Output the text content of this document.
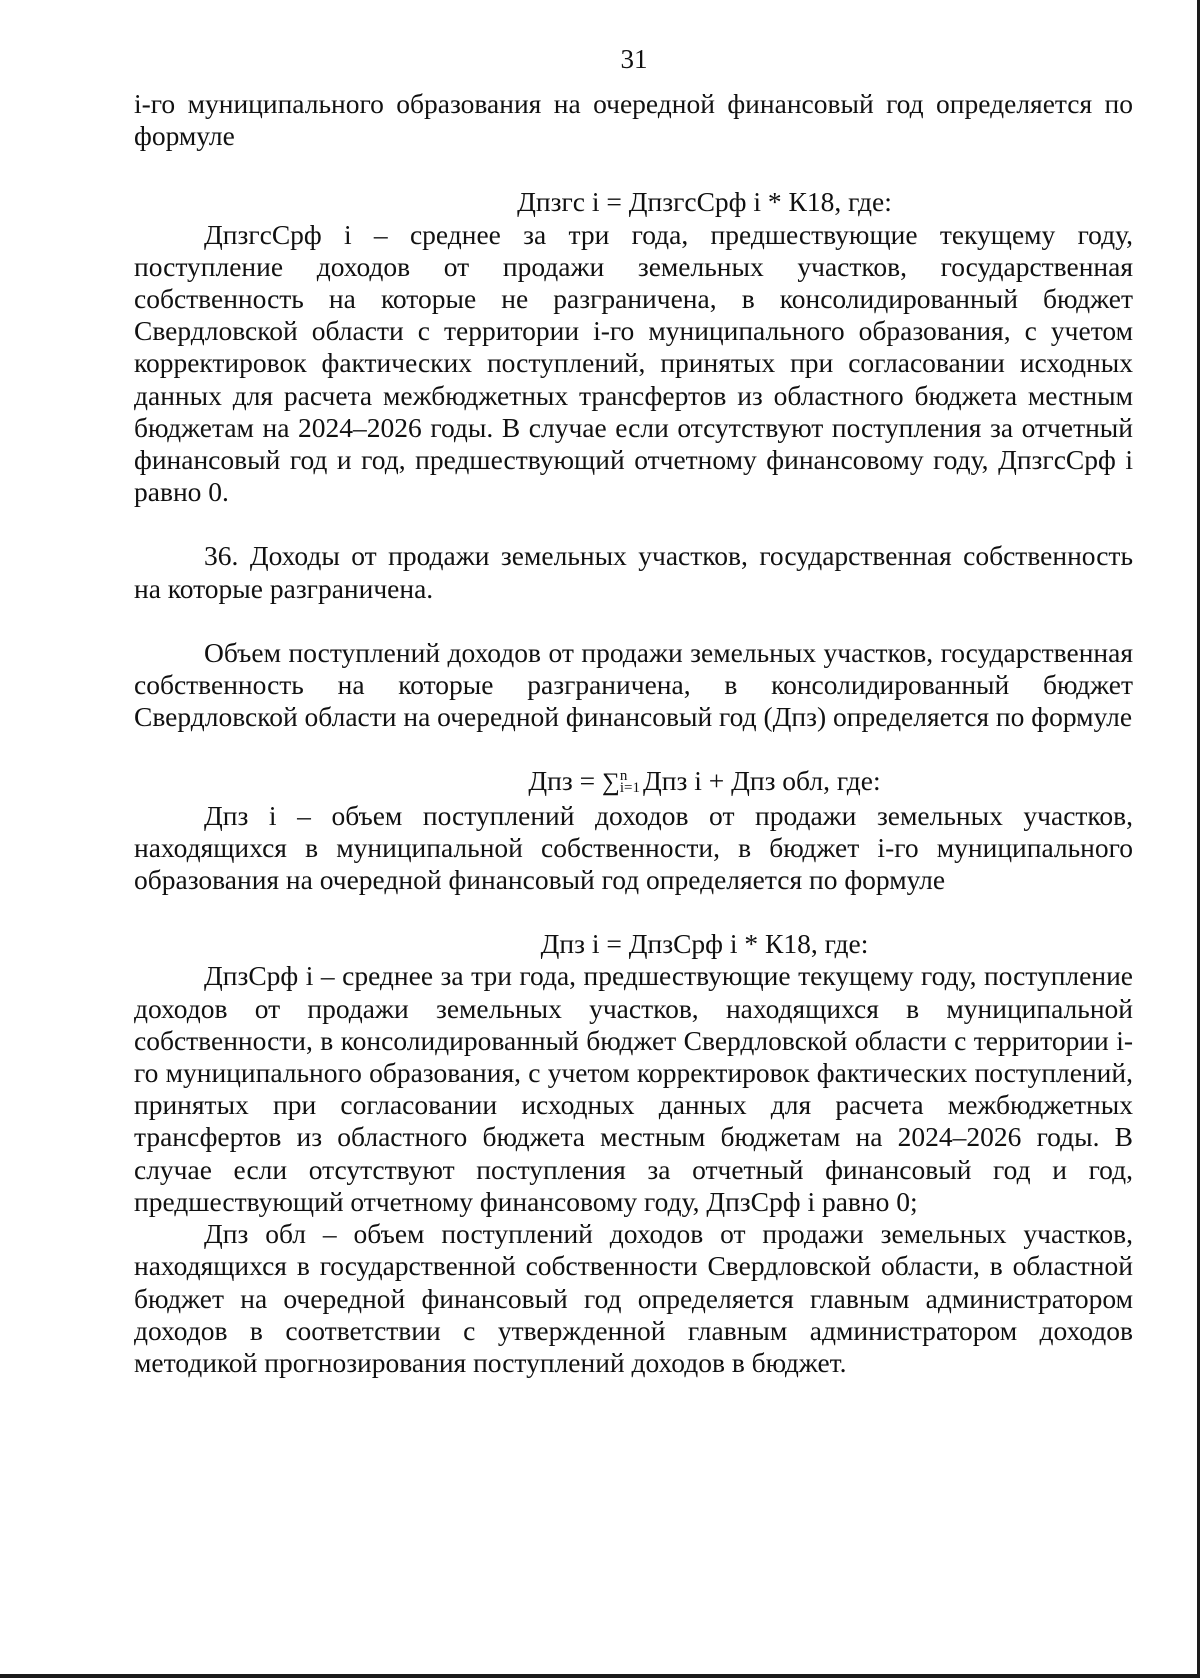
31

i-го муниципального образования на очередной финансовый год определяется по формуле

Дпзгс i = ДпзгсСрф i * К18, где:

ДпзгсСрф i – среднее за три года, предшествующие текущему году, поступление доходов от продажи земельных участков, государственная собственность на которые не разграничена, в консолидированный бюджет Свердловской области с территории i-го муниципального образования, с учетом корректировок фактических поступлений, принятых при согласовании исходных данных для расчета межбюджетных трансфертов из областного бюджета местным бюджетам на 2024–2026 годы. В случае если отсутствуют поступления за отчетный финансовый год и год, предшествующий отчетному финансовому году, ДпзгсСрф i равно 0.

36. Доходы от продажи земельных участков, государственная собственность на которые разграничена.

Объем поступлений доходов от продажи земельных участков, государственная собственность на которые разграничена, в консолидированный бюджет Свердловской области на очередной финансовый год (Дпз) определяется по формуле

Дпз = ∑ n
i=1 Дпз i + Дпз обл, где:

Дпз i – объем поступлений доходов от продажи земельных участков, находящихся в муниципальной собственности, в бюджет i-го муниципального образования на очередной финансовый год определяется по формуле

Дпз i = ДпзСрф i * К18, где:

ДпзСрф i – среднее за три года, предшествующие текущему году, поступление доходов от продажи земельных участков, находящихся в муниципальной собственности, в консолидированный бюджет Свердловской области с территории i-го муниципального образования, с учетом корректировок фактических поступлений, принятых при согласовании исходных данных для расчета межбюджетных трансфертов из областного бюджета местным бюджетам на 2024–2026 годы. В случае если отсутствуют поступления за отчетный финансовый год и год, предшествующий отчетному финансовому году, ДпзСрф i равно 0;

Дпз обл – объем поступлений доходов от продажи земельных участков, находящихся в государственной собственности Свердловской области, в областной бюджет на очередной финансовый год определяется главным администратором доходов в соответствии с утвержденной главным администратором доходов методикой прогнозирования поступлений доходов в бюджет.
